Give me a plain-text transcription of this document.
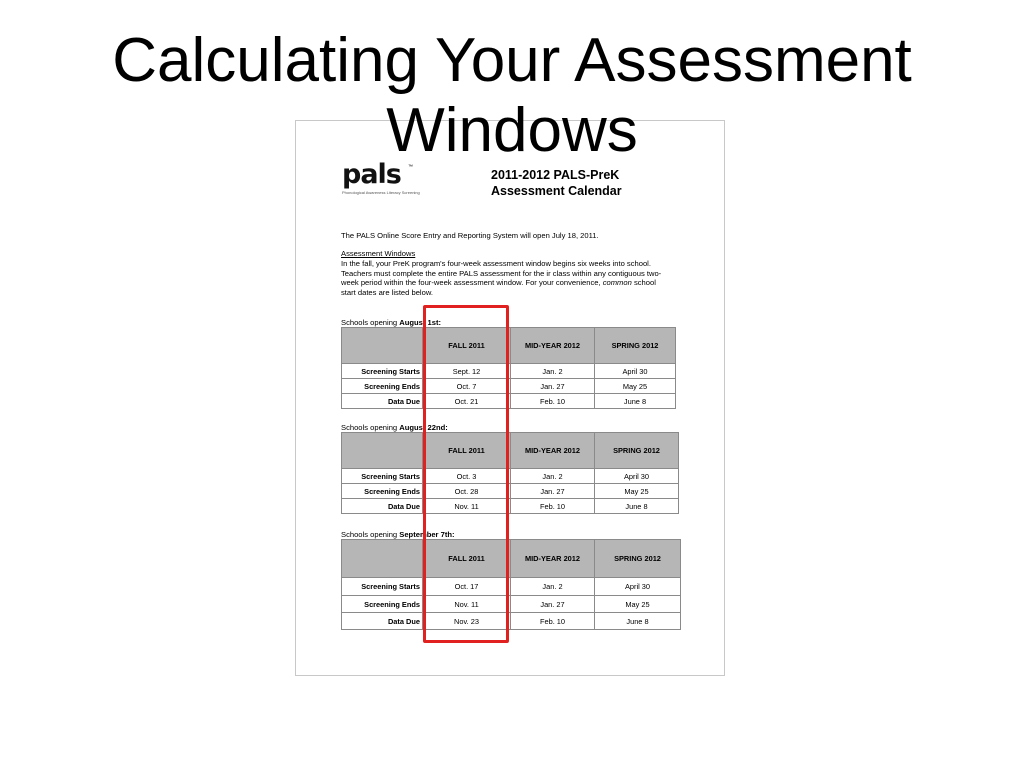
Calculating Your Assessment Windows
pals	™
Phonological Awareness Literacy Screening
2011-2012 PALS-PreK
Assessment Calendar
The PALS Online Score Entry and Reporting System will open July 18, 2011.
Assessment Windows
In the fall, your PreK program's four-week assessment window begins six weeks into school. Teachers must complete the entire PALS assessment for the ir class within any contiguous two-week period within the four-week assessment window. For your convenience, common school start dates are listed below.
Schools opening August 1st:
	FALL 2011	MID-YEAR 2012	SPRING 2012
Screening Starts	Sept. 12	Jan. 2	April 30
Screening Ends	Oct. 7	Jan. 27	May 25
Data Due	Oct. 21	Feb. 10	June 8
Schools opening August 22nd:
	FALL 2011	MID-YEAR 2012	SPRING 2012
Screening Starts	Oct. 3	Jan. 2	April 30
Screening Ends	Oct. 28	Jan. 27	May 25
Data Due	Nov. 11	Feb. 10	June 8
Schools opening September 7th:
	FALL 2011	MID-YEAR 2012	SPRING 2012
Screening Starts	Oct. 17	Jan. 2	April 30
Screening Ends	Nov. 11	Jan. 27	May 25
Data Due	Nov. 23	Feb. 10	June 8
